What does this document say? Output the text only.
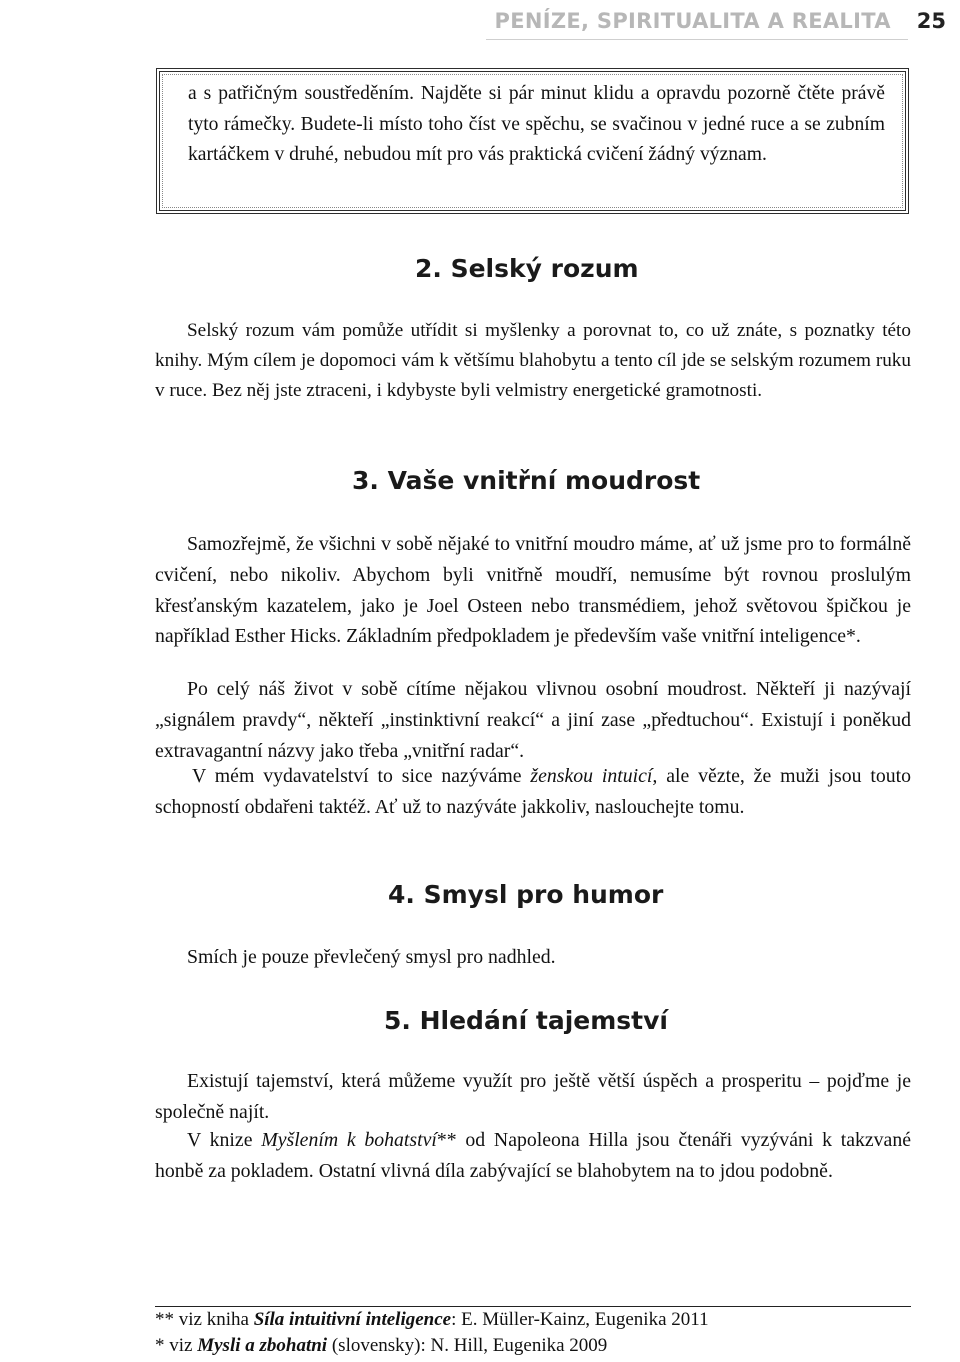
PENÍZE, SPIRITUALITA A REALITA 25

a s patřičným soustředěním. Najděte si pár minut klidu a opravdu pozorně čtěte právě tyto rámečky. Budete-li místo toho číst ve spěchu, se svačinou v jedné ruce a se zubním kartáčkem v druhé, nebudou mít pro vás praktická cvičení žádný význam.

2. Selský rozum

Selský rozum vám pomůže utřídit si myšlenky a porovnat to, co už znáte, s poznatky této knihy. Mým cílem je dopomoci vám k většímu blahobytu a tento cíl jde se selským rozumem ruku v ruce. Bez něj jste ztraceni, i kdybyste byli velmistry energetické gramotnosti.

3. Vaše vnitřní moudrost

Samozřejmě, že všichni v sobě nějaké to vnitřní moudro máme, ať už jsme pro to formálně cvičení, nebo nikoliv. Abychom byli vnitřně moudří, nemusíme být rovnou proslulým křesťanským kazatelem, jako je Joel Osteen nebo transmédiem, jehož světovou špičkou je například Esther Hicks. Základním předpokladem je především vaše vnitřní inteligence*.

Po celý náš život v sobě cítíme nějakou vlivnou osobní moudrost. Někteří ji nazývají „signálem pravdy“, někteří „instinktivní reakcí“ a jiní zase „předtuchou“. Existují i poněkud extravagantní názvy jako třeba „vnitřní radar“.

V mém vydavatelství to sice nazýváme ženskou intuicí, ale vězte, že muži jsou touto schopností obdařeni taktéž. Ať už to nazýváte jakkoliv, naslouchejte tomu.

4. Smysl pro humor

Smích je pouze převlečený smysl pro nadhled.

5. Hledání tajemství

Existují tajemství, která můžeme využít pro ještě větší úspěch a prosperitu – pojďme je společně najít.

V knize Myšlením k bohatství** od Napoleona Hilla jsou čtenáři vyzýváni k takzvané honbě za pokladem. Ostatní vlivná díla zabývající se blahobytem na to jdou podobně.

** viz kniha Síla intuitivní inteligence: E. Müller-Kainz, Eugenika 2011

* viz Mysli a zbohatni (slovensky): N. Hill, Eugenika 2009
